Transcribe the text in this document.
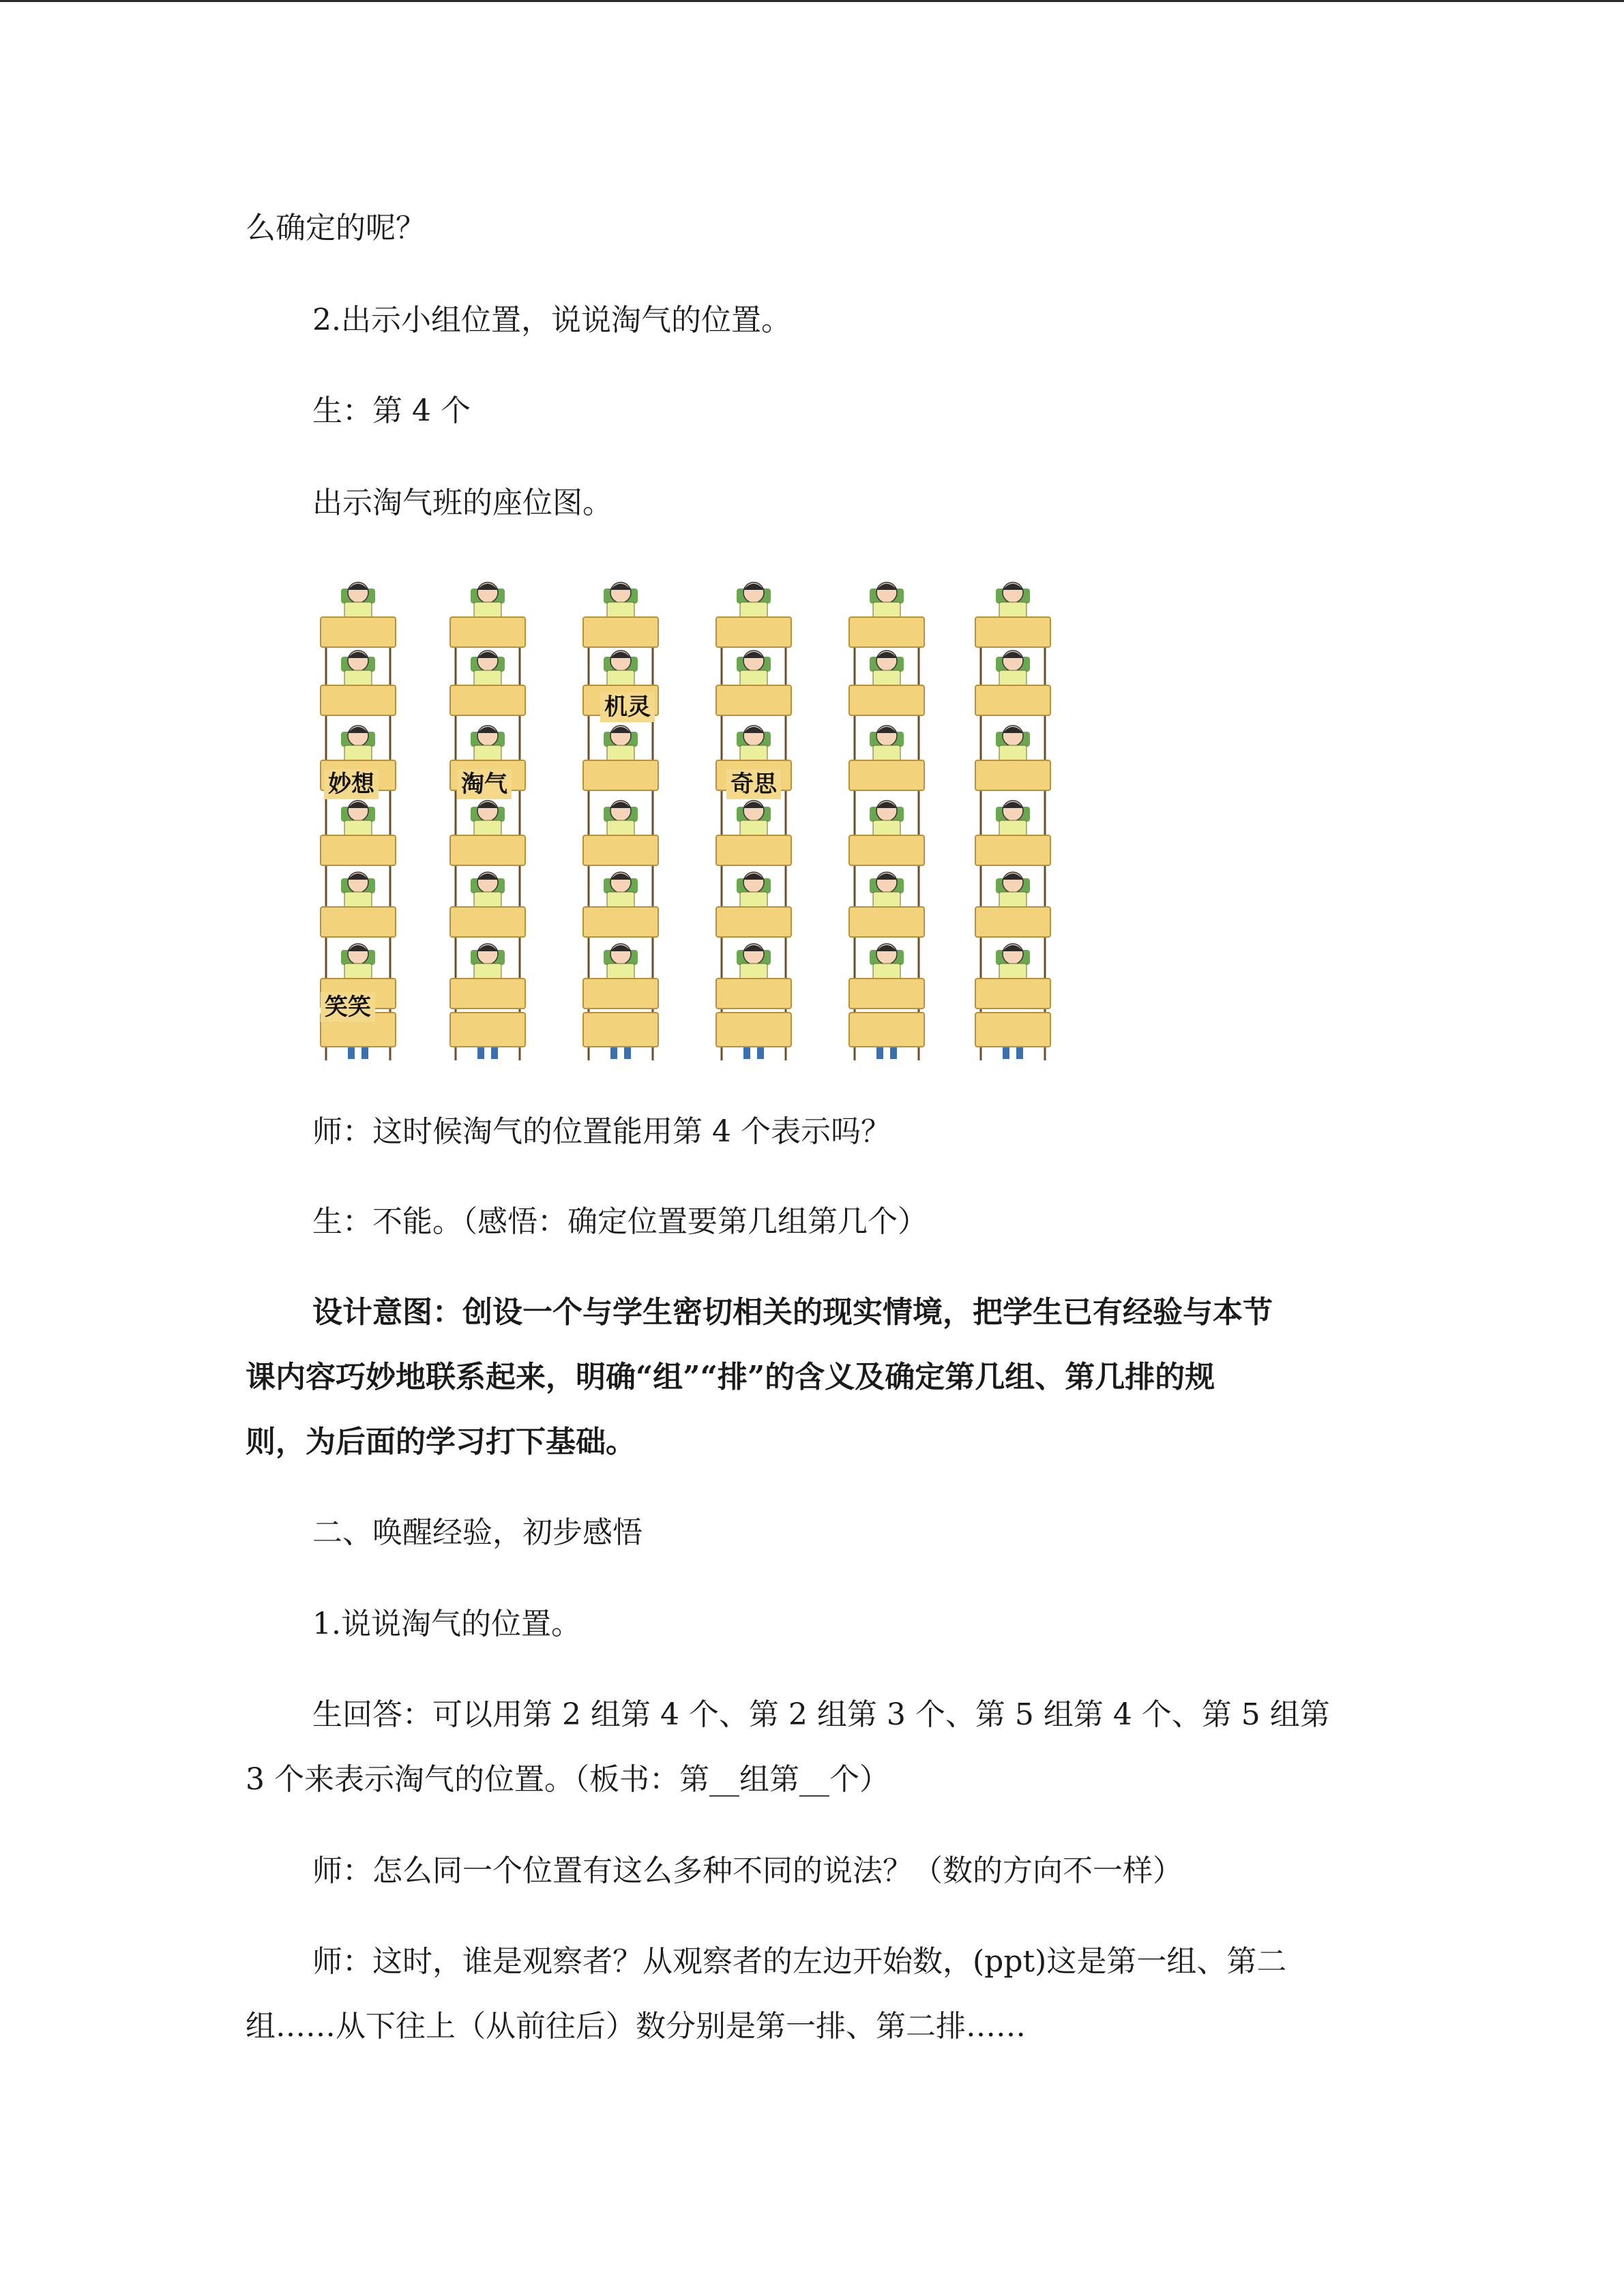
么确定的呢？
2.出示小组位置，说说淘气的位置。
生：第 4 个
出示淘气班的座位图。
机灵
妙想	淘气	奇思
笑笑
师：这时候淘气的位置能用第 4 个表示吗？
生：不能。（感悟：确定位置要第几组第几个）
设计意图：创设一个与学生密切相关的现实情境，把学生已有经验与本节
课内容巧妙地联系起来，明确“组”“排”的含义及确定第几组、第几排的规
则，为后面的学习打下基础。
二、唤醒经验，初步感悟
1.说说淘气的位置。
生回答：可以用第 2 组第 4 个、第 2 组第 3 个、第 5 组第 4 个、第 5 组第
3 个来表示淘气的位置。（板书：第__组第__个）
师：怎么同一个位置有这么多种不同的说法？（数的方向不一样）
师：这时，谁是观察者？从观察者的左边开始数，(ppt)这是第一组、第二
组……从下往上（从前往后）数分别是第一排、第二排……
